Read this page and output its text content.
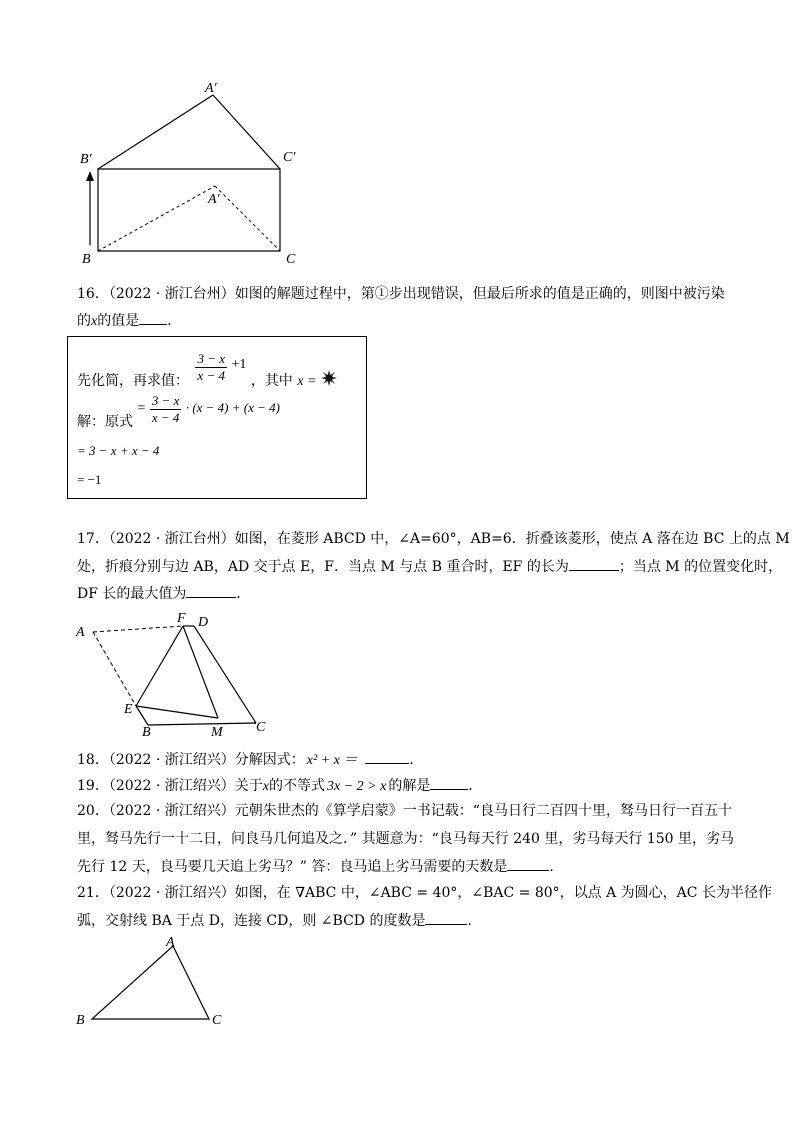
A′
B′	C′
A′
B	C
16．（2022 · 浙江台州）如图的解题过程中，第①步出现错误，但最后所求的值是正确的，则图中被污染
的x的值是 ．
先化简，再求值： $\frac{3 - x}{x - 4} +1$ ，其中 x =
解：原式 = $\frac{3 - x}{x - 4} \cdot (x - 4) + (x - 4)$
= 3 − x + x − 4
= −1
17．（2022 · 浙江台州）如图，在菱形 ABCD 中，∠A=60°，AB=6．折叠该菱形，使点 A 落在边 BC 上的点 M
处，折痕分别与边 AB，AD 交于点 E，F．当点 M 与点 B 重合时，EF 的长为	；当点 M 的位置变化时，
DF 长的最大值为	．
A
F D
E
B	M C
18．（2022 · 浙江绍兴）分解因式： x² + x ＝	．
19．（2022 · 浙江绍兴）关于x的不等式 3x − 2 > x 的解是	．
20．（2022 · 浙江绍兴）元朝朱世杰的《算学启蒙》一书记载：“良马日行二百四十里，驽马日行一百五十
里，驽马先行一十二日，问良马几何追及之．” 其题意为：“良马每天行 240 里，劣马每天行 150 里，劣马
先行 12 天，良马要几天追上劣马？” 答：良马追上劣马需要的天数是	．
21．（2022 · 浙江绍兴）如图，在 ∇ABC 中，∠ABC = 40°，∠BAC = 80°，以点 A 为圆心，AC 长为半径作
弧，交射线 BA 于点 D，连接 CD，则 ∠BCD 的度数是	．
A
B	C
